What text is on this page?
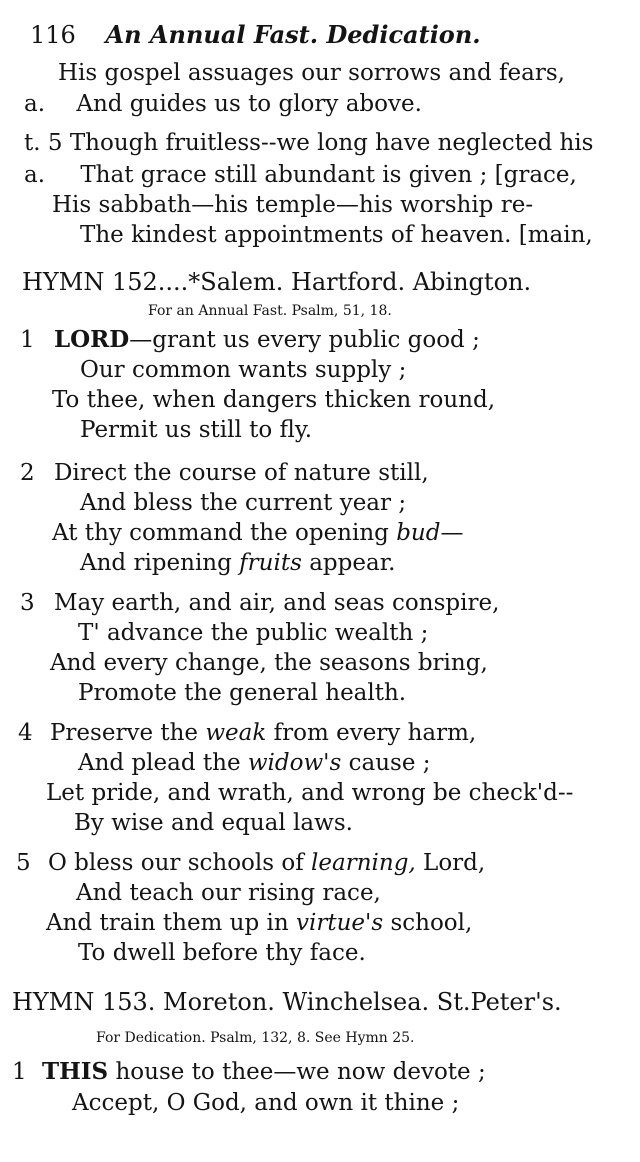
116 An Annual Fast. Dedication.
His gospel assuages our sorrows and fears,
a. And guides us to glory above.
t. 5 Though fruitless--we long have neglected his
a. That grace still abundant is given ; [grace,
His sabbath—his temple—his worship re-
The kindest appointments of heaven. [main,
HYMN 152....*Salem. Hartford. Abington.
For an Annual Fast. Psalm, 51, 18.
1 LORD—grant us every public good ;
Our common wants supply ;
To thee, when dangers thicken round,
Permit us still to fly.
2 Direct the course of nature still,
And bless the current year ;
At thy command the opening bud—
And ripening fruits appear.
3 May earth, and air, and seas conspire,
T' advance the public wealth ;
And every change, the seasons bring,
Promote the general health.
4 Preserve the weak from every harm,
And plead the widow's cause ;
Let pride, and wrath, and wrong be check'd--
By wise and equal laws.
5 O bless our schools of learning, Lord,
And teach our rising race,
And train them up in virtue's school,
To dwell before thy face.
HYMN 153. Moreton. Winchelsea. St.Peter's.
For Dedication. Psalm, 132, 8. See Hymn 25.
1 THIS house to thee—we now devote ;
Accept, O God, and own it thine ;
